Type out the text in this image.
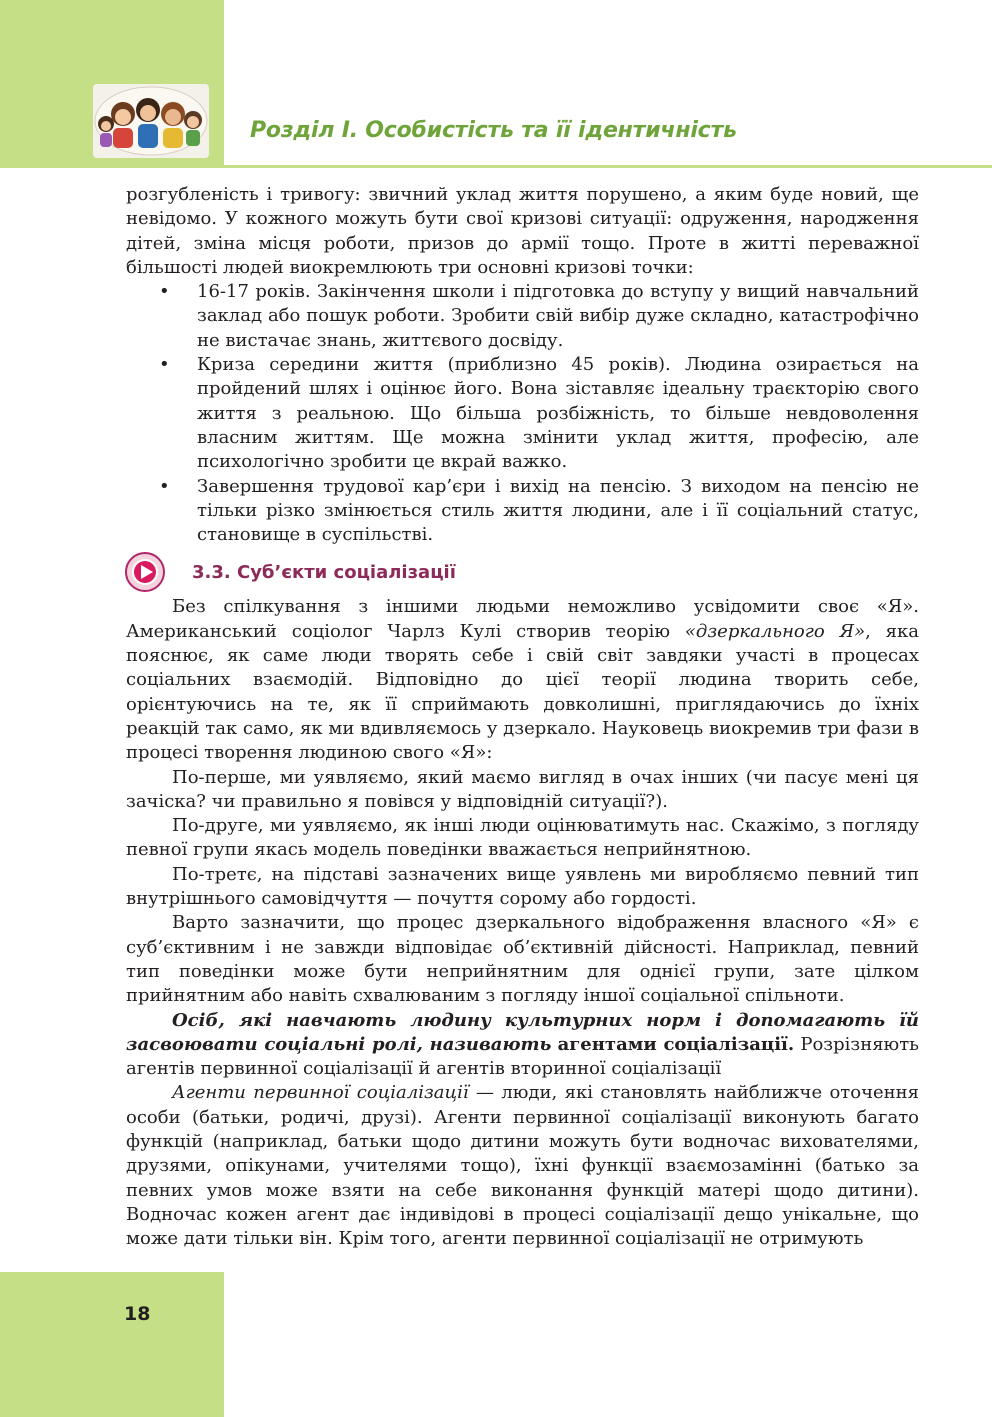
Розділ І. Особистість та її ідентичність

розгубленість і тривогу: звичний уклад життя порушено, а яким буде новий, ще невідомо. У кожного можуть бути свої кризові ситуації: одруження, народження дітей, зміна місця роботи, призов до армії тощо. Проте в житті переважної більшості людей виокремлюють три основні кризові точки:

• 16-17 років. Закінчення школи і підготовка до вступу у вищий навчальний заклад або пошук роботи. Зробити свій вибір дуже складно, катастрофічно не вистачає знань, життєвого досвіду.
• Криза середини життя (приблизно 45 років). Людина озирається на пройдений шлях і оцінює його. Вона зіставляє ідеальну траєкторію свого життя з реальною. Що більша розбіжність, то більше невдоволення власним життям. Ще можна змінити уклад життя, професію, але психологічно зробити це вкрай важко.
• Завершення трудової кар’єри і вихід на пенсію. З виходом на пенсію не тільки різко змінюється стиль життя людини, але і її соціальний статус, становище в суспільстві.
3.3. Суб’єкти соціалізації

Без спілкування з іншими людьми неможливо усвідомити своє «Я». Американський соціолог Чарлз Кулі створив теорію «дзеркального Я», яка пояснює, як саме люди творять себе і свій світ завдяки участі в процесах соціальних взаємодій. Відповідно до цієї теорії людина творить себе, орієнтуючись на те, як її сприймають довколишні, приглядаючись до їхніх реакцій так само, як ми вдивляємось у дзеркало. Науковець виокремив три фази в процесі творення людиною свого «Я»:

По-перше, ми уявляємо, який маємо вигляд в очах інших (чи пасує мені ця зачіска? чи правильно я повівся у відповідній ситуації?).

По-друге, ми уявляємо, як інші люди оцінюватимуть нас. Скажімо, з погляду певної групи якась модель поведінки вважається неприйнятною.

По-третє, на підставі зазначених вище уявлень ми виробляємо певний тип внутрішнього самовідчуття — почуття сорому або гордості.

Варто зазначити, що процес дзеркального відображення власного «Я» є суб’єктивним і не завжди відповідає об’єктивній дійсності. Наприклад, певний тип поведінки може бути неприйнятним для однієї групи, зате цілком прийнятним або навіть схвалюваним з погляду іншої соціальної спільноти.

Осіб, які навчають людину культурних норм і допомагають їй засвоювати соціальні ролі, називають агентами соціалізації. Розрізняють агентів первинної соціалізації й агентів вторинної соціалізації

Агенти первинної соціалізації — люди, які становлять найближче оточення особи (батьки, родичі, друзі). Агенти первинної соціалізації виконують багато функцій (наприклад, батьки щодо дитини можуть бути водночас вихователями, друзями, опікунами, учителями тощо), їхні функції взаємозамінні (батько за певних умов може взяти на себе виконання функцій матері щодо дитини). Водночас кожен агент дає індивідові в процесі соціалізації дещо унікальне, що може дати тільки він. Крім того, агенти первинної соціалізації не отримують

18
